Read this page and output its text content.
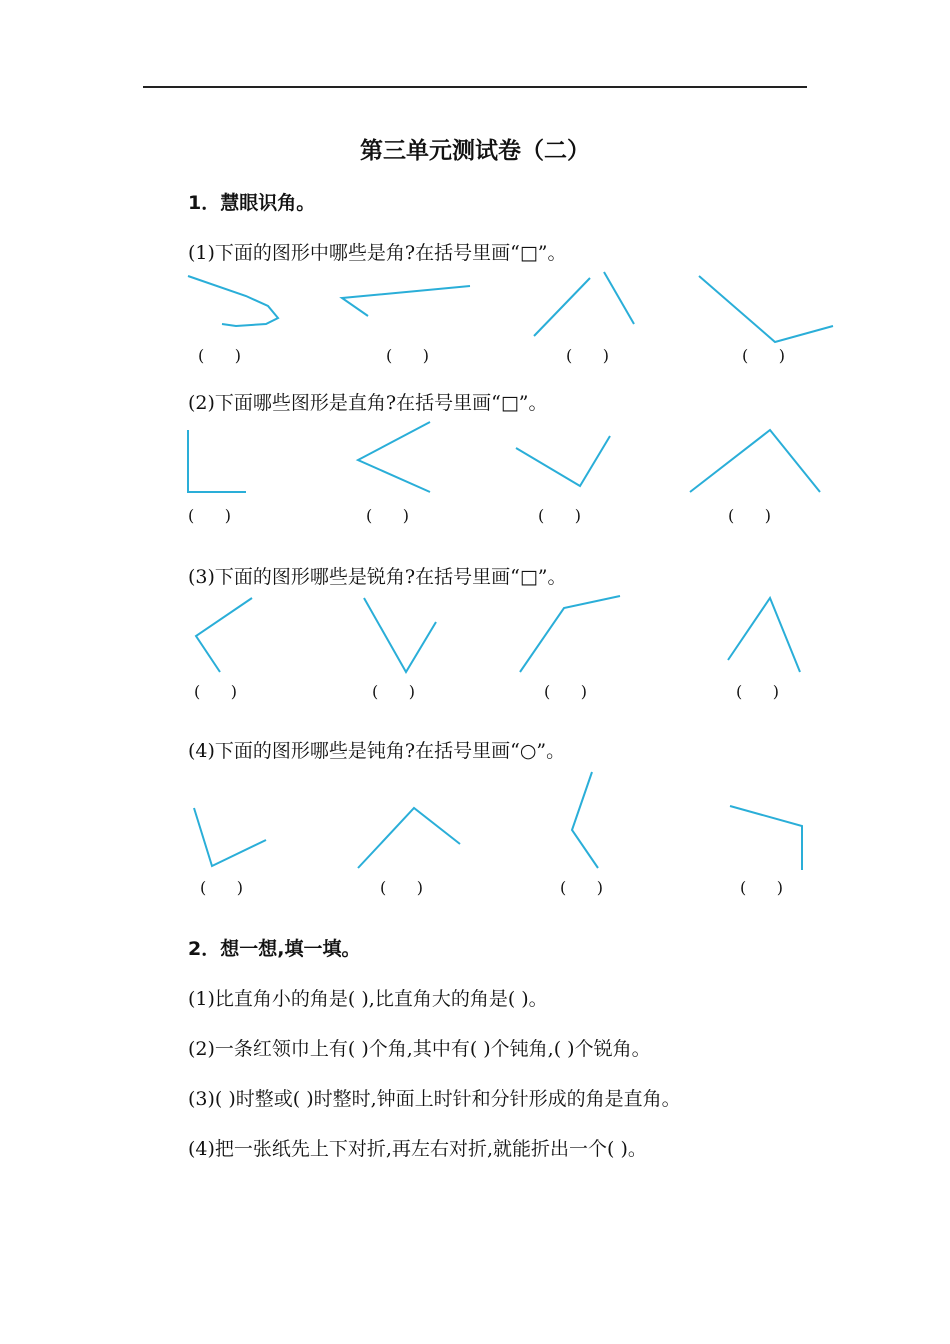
第三单元测试卷（二）
1．慧眼识角。
(1)下面的图形中哪些是角?在括号里画“□”。
(      )	(      )	(      )	(      )
(2)下面哪些图形是直角?在括号里画“□”。
(      )	(      )	(      )	(      )
(3)下面的图形哪些是锐角?在括号里画“□”。
(      )	(      )	(      )	(      )
(4)下面的图形哪些是钝角?在括号里画“○”。
(      )	(      )	(      )	(      )
2．想一想,填一填。
(1)比直角小的角是( ),比直角大的角是( )。
(2)一条红领巾上有( )个角,其中有( )个钝角,( )个锐角。
(3)( )时整或( )时整时,钟面上时针和分针形成的角是直角。
(4)把一张纸先上下对折,再左右对折,就能折出一个( )。
